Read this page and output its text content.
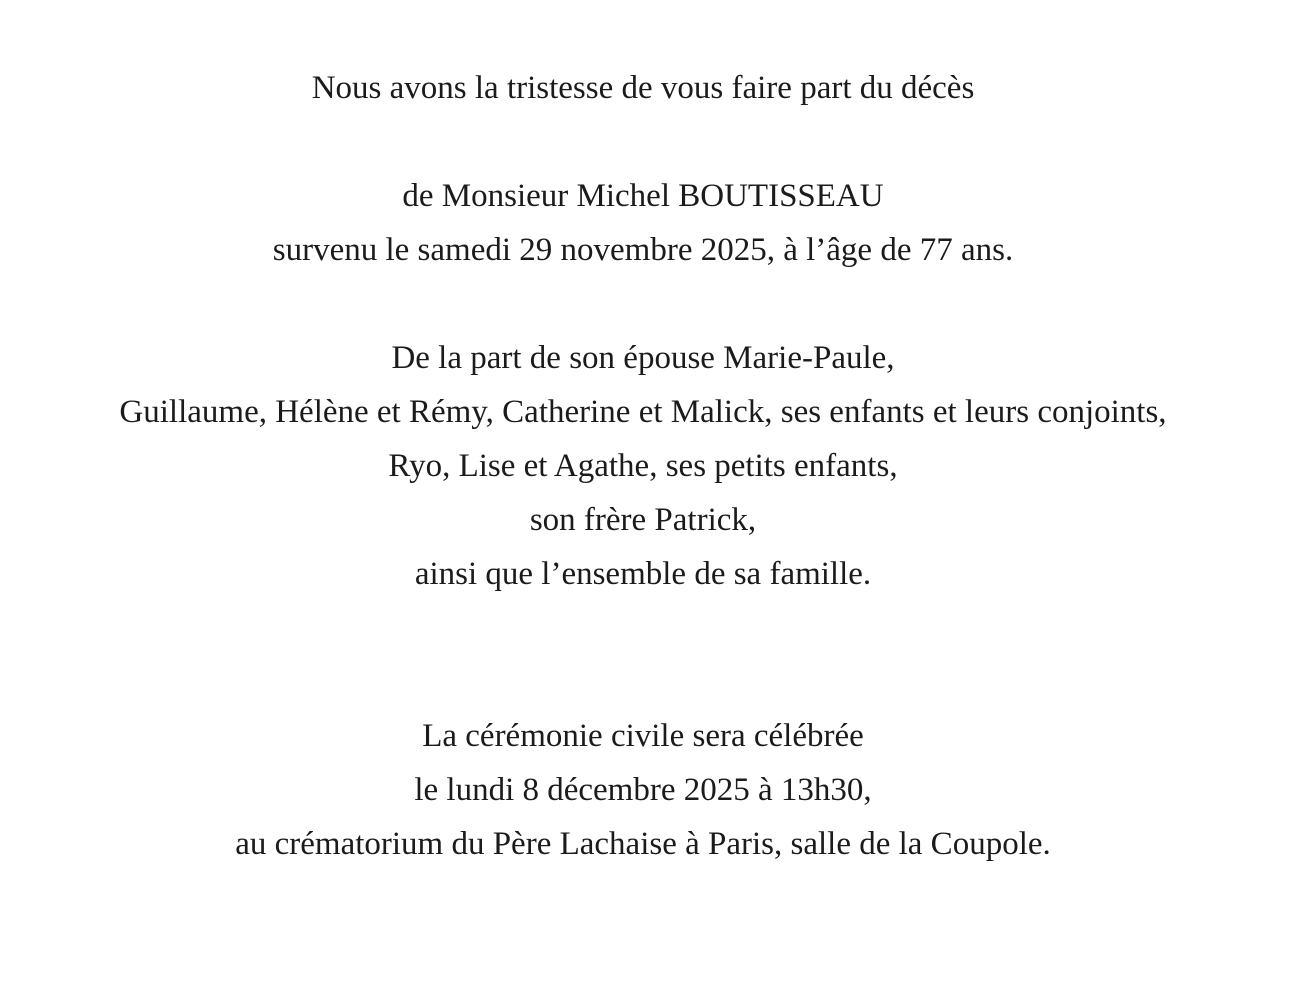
Nous avons la tristesse de vous faire part du décès
de Monsieur Michel BOUTISSEAU
survenu le samedi 29 novembre 2025, à l’âge de 77 ans.
De la part de son épouse Marie-Paule,
Guillaume, Hélène et Rémy, Catherine et Malick, ses enfants et leurs conjoints,
Ryo, Lise et Agathe, ses petits enfants,
son frère Patrick,
ainsi que l’ensemble de sa famille.
La cérémonie civile sera célébrée
le lundi 8 décembre 2025 à 13h30,
au crématorium du Père Lachaise à Paris, salle de la Coupole.
